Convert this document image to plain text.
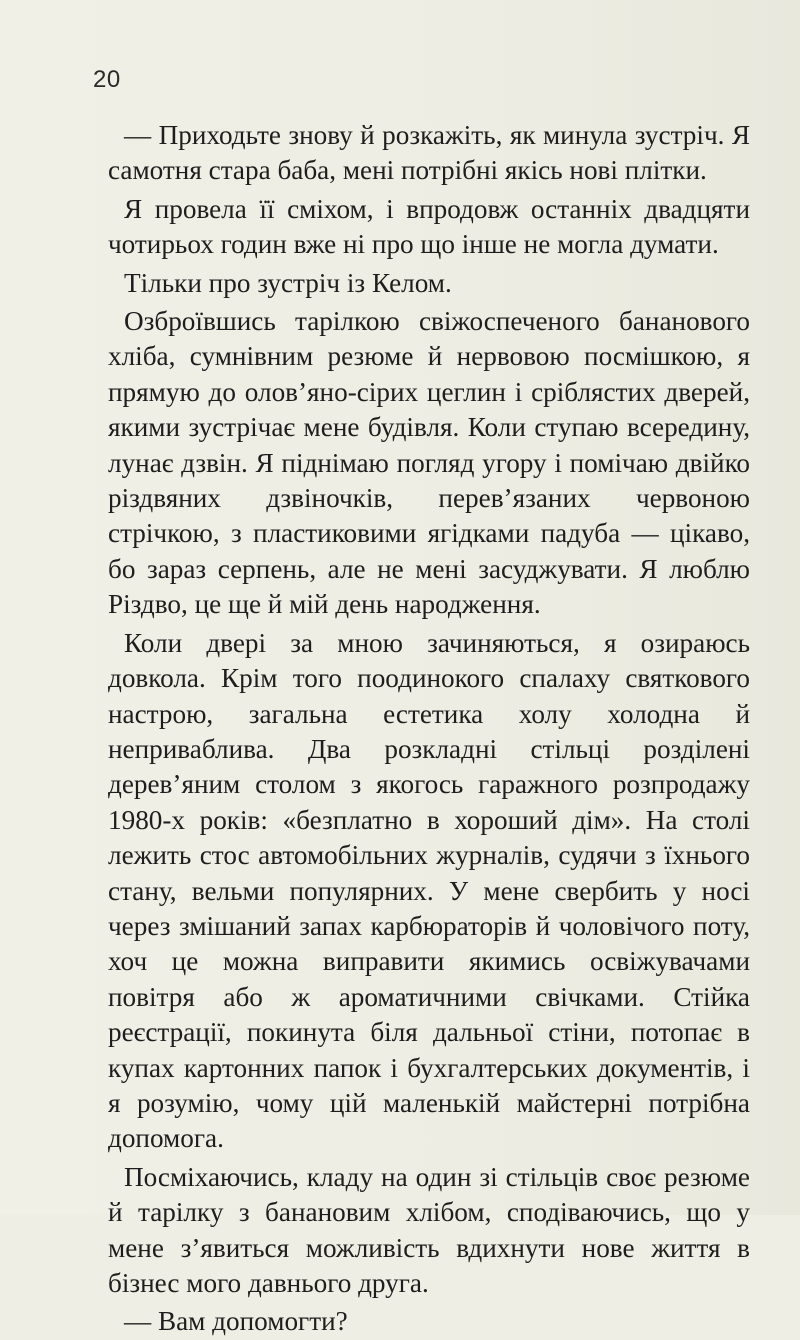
20

— Приходьте знову й розкажіть, як минула зустріч. Я самотня стара баба, мені потрібні якісь нові плітки.

Я провела її сміхом, і впродовж останніх двадцяти чотирьох годин вже ні про що інше не могла думати.

Тільки про зустріч із Келом.

Озброївшись тарілкою свіжоспеченого бананового хліба, сумнівним резюме й нервовою посмішкою, я прямую до олов’яно-сірих цеглин і сріблястих дверей, якими зустрічає мене будівля. Коли ступаю всередину, лунає дзвін. Я піднімаю погляд угору і помічаю двійко різдвяних дзвіночків, перев’язаних червоною стрічкою, з пластиковими ягідками падуба — цікаво, бо зараз серпень, але не мені засуджувати. Я люблю Різдво, це ще й мій день народження.

Коли двері за мною зачиняються, я озираюсь довкола. Крім того поодинокого спалаху святкового настрою, загальна естетика холу холодна й неприваблива. Два розкладні стільці розділені дерев’яним столом з якогось гаражного розпродажу 1980-х років: «безплатно в хороший дім». На столі лежить стос автомобільних журналів, судячи з їхнього стану, вельми популярних. У мене свербить у носі через змішаний запах карбюраторів й чоловічого поту, хоч це можна виправити якимись освіжувачами повітря або ж ароматичними свічками. Стійка реєстрації, покинута біля дальньої стіни, потопає в купах картонних папок і бухгалтерських документів, і я розумію, чому цій маленькій майстерні потрібна допомога.

Посміхаючись, кладу на один зі стільців своє резюме й тарілку з банановим хлібом, сподіваючись, що у мене з’явиться можливість вдихнути нове життя в бізнес мого давнього друга.

— Вам допомогти?
